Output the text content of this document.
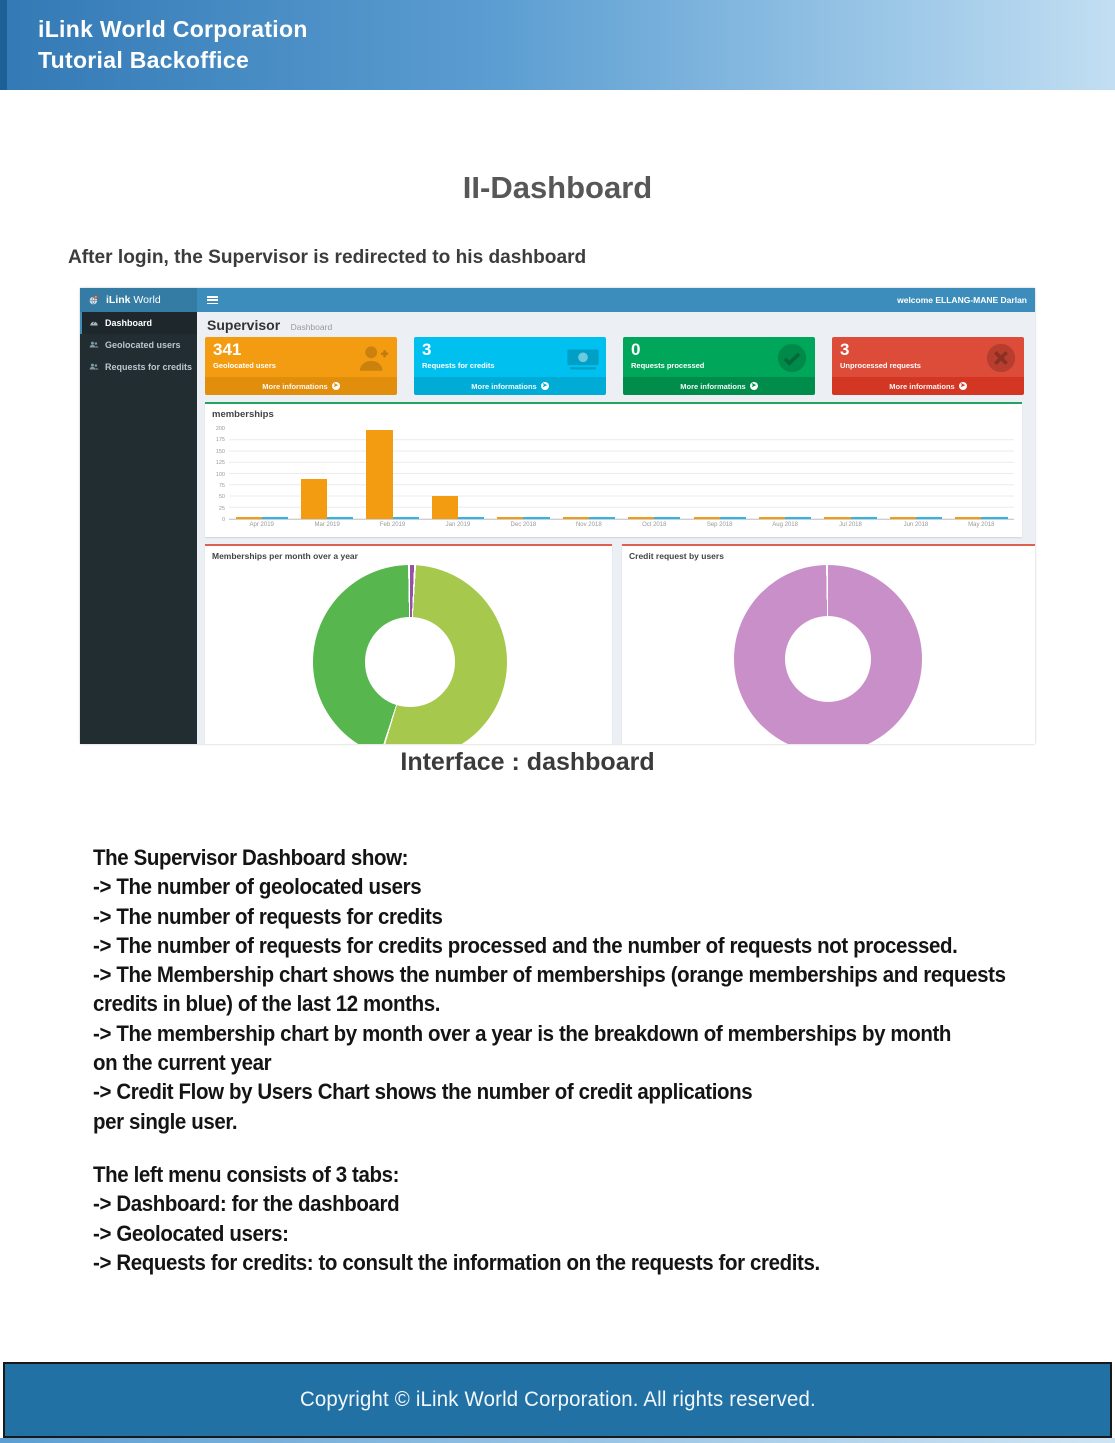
iLink World Corporation
Tutorial Backoffice
II-Dashboard
After login, the Supervisor is redirected to his dashboard
iLink World	welcome ELLANG-MANE Darlan
Dashboard
Geolocated users
Requests for credits
Supervisor Dashboard
341
Geolocated users
More informations ➤
3
Requests for credits
More informations ➤
0
Requests processed
More informations ➤
3
Unprocessed requests
More informations ➤
memberships
200
175
150
125
100
75
50
25
0
Apr 2019	Mar 2019	Feb 2019	Jan 2019	Dec 2018	Nov 2018	Oct 2018	Sep 2018	Aug 2018	Jul 2018	Jun 2018	May 2018
Memberships per month over a year	Credit request by users
Interface : dashboard
The Supervisor Dashboard show:
-> The number of geolocated users
-> The number of requests for credits
-> The number of requests for credits processed and the number of requests not processed.
-> The Membership chart shows the number of memberships (orange memberships and requests
credits in blue) of the last 12 months.
-> The membership chart by month over a year is the breakdown of memberships by month
on the current year
-> Credit Flow by Users Chart shows the number of credit applications
per single user.
The left menu consists of 3 tabs:
-> Dashboard: for the dashboard
-> Geolocated users:
-> Requests for credits: to consult the information on the requests for credits.
Copyright © iLink World Corporation. All rights reserved.
